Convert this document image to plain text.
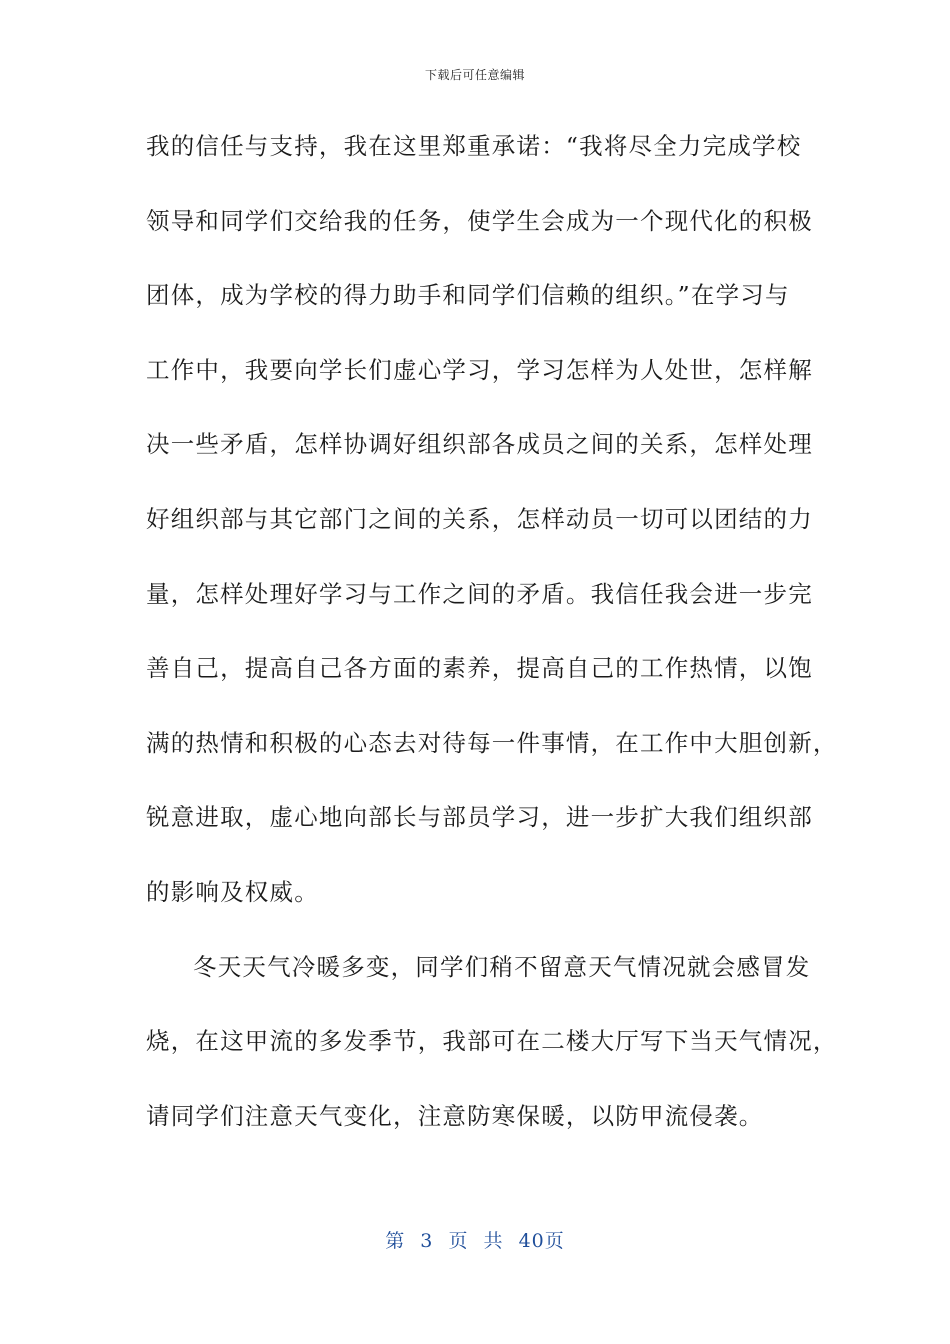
下载后可任意编辑
我的信任与支持，我在这里郑重承诺：“我将尽全力完成学校
领导和同学们交给我的任务，使学生会成为一个现代化的积极
团体，成为学校的得力助手和同学们信赖的组织。”在学习与
工作中，我要向学长们虚心学习，学习怎样为人处世，怎样解
决一些矛盾，怎样协调好组织部各成员之间的关系，怎样处理
好组织部与其它部门之间的关系，怎样动员一切可以团结的力
量，怎样处理好学习与工作之间的矛盾。我信任我会进一步完
善自己，提高自己各方面的素养，提高自己的工作热情，以饱
满的热情和积极的心态去对待每一件事情，在工作中大胆创新，
锐意进取，虚心地向部长与部员学习，进一步扩大我们组织部
的影响及权威。
冬天天气冷暖多变，同学们稍不留意天气情况就会感冒发
烧，在这甲流的多发季节，我部可在二楼大厅写下当天气情况，
请同学们注意天气变化，注意防寒保暖，以防甲流侵袭。
第 3 页 共 40页
